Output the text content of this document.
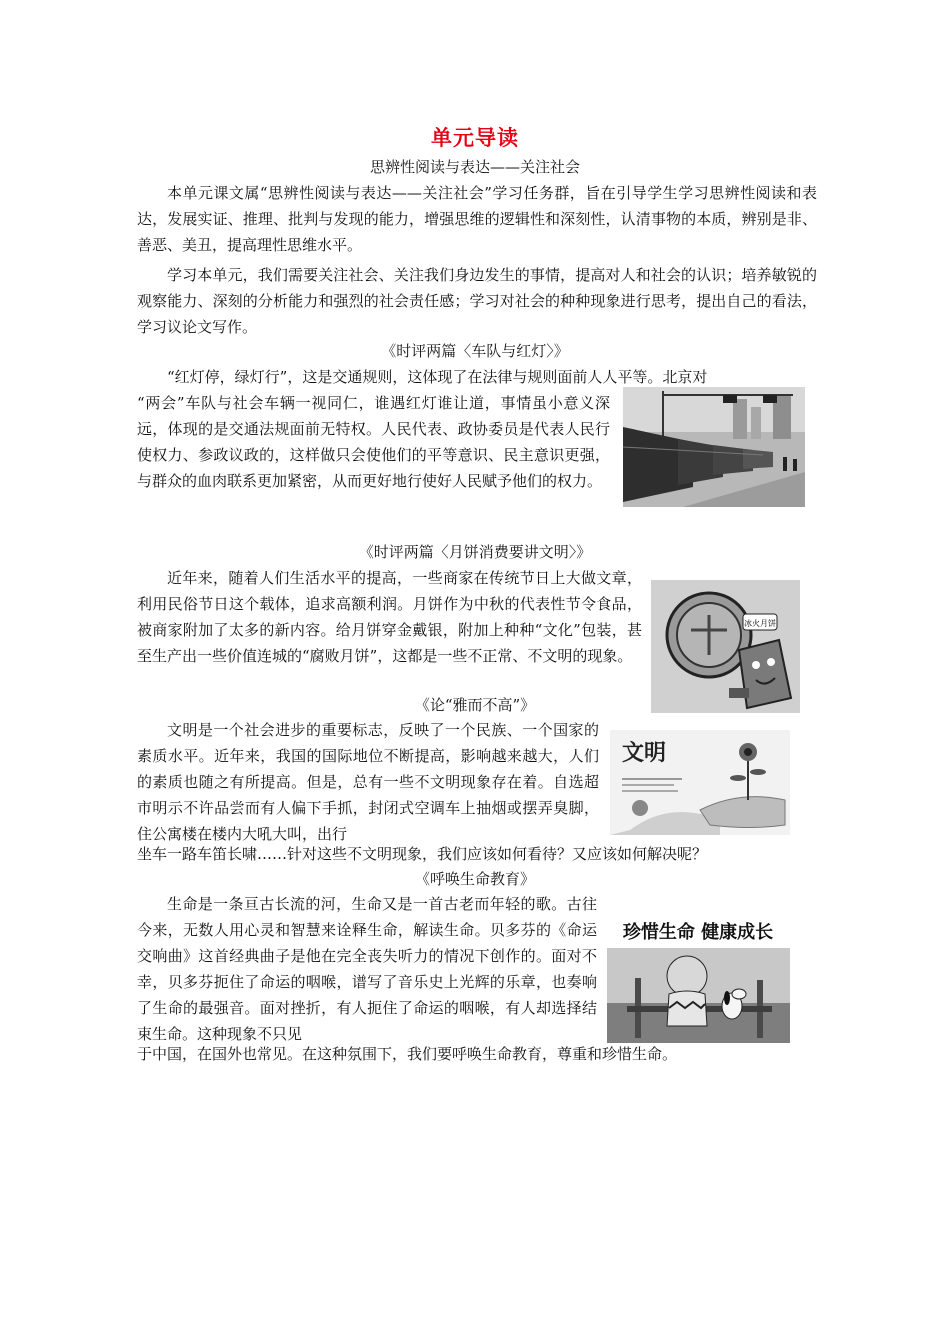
单元导读
思辨性阅读与表达——关注社会

本单元课文属“思辨性阅读与表达——关注社会”学习任务群，旨在引导学生学习思辨性阅读和表达，发展实证、推理、批判与发现的能力，增强思维的逻辑性和深刻性，认清事物的本质，辨别是非、善恶、美丑，提高理性思维水平。

学习本单元，我们需要关注社会、关注我们身边发生的事情，提高对人和社会的认识；培养敏锐的观察能力、深刻的分析能力和强烈的社会责任感；学习对社会的种种现象进行思考，提出自己的看法，学习议论文写作。

《时评两篇〈车队与红灯〉》

“红灯停，绿灯行”，这是交通规则，这体现了在法律与规则面前人人平等。北京对

“两会”车队与社会车辆一视同仁，谁遇红灯谁让道，事情虽小意义深远，体现的是交通法规面前无特权。人民代表、政协委员是代表人民行使权力、参政议政的，这样做只会使他们的平等意识、民主意识更强，与群众的血肉联系更加紧密，从而更好地行使好人民赋予他们的权力。

《时评两篇〈月饼消费要讲文明〉》

近年来，随着人们生活水平的提高，一些商家在传统节日上大做文章，利用民俗节日这个载体，追求高额利润。月饼作为中秋的代表性节令食品，被商家附加了太多的新内容。给月饼穿金戴银，附加上种种“文化”包装，甚至生产出一些价值连城的“腐败月饼”，这都是一些不正常、不文明的现象。

冰火月饼
《论“雅而不高”》

文明是一个社会进步的重要标志，反映了一个民族、一个国家的素质水平。近年来，我国的国际地位不断提高，影响越来越大，人们的素质也随之有所提高。但是，总有一些不文明现象存在着。自选超市明示不许品尝而有人偏下手抓，封闭式空调车上抽烟或摆弄臭脚，住公寓楼在楼内大吼大叫，出行

坐车一路车笛长啸……针对这些不文明现象，我们应该如何看待？又应该如何解决呢？

文明
《呼唤生命教育》

生命是一条亘古长流的河，生命又是一首古老而年轻的歌。古往今来，无数人用心灵和智慧来诠释生命，解读生命。贝多芬的《命运交响曲》这首经典曲子是他在完全丧失听力的情况下创作的。面对不幸，贝多芬扼住了命运的咽喉，谱写了音乐史上光辉的乐章，也奏响了生命的最强音。面对挫折，有人扼住了命运的咽喉，有人却选择结束生命。这种现象不只见

于中国，在国外也常见。在这种氛围下，我们要呼唤生命教育，尊重和珍惜生命。

珍惜生命 健康成长
